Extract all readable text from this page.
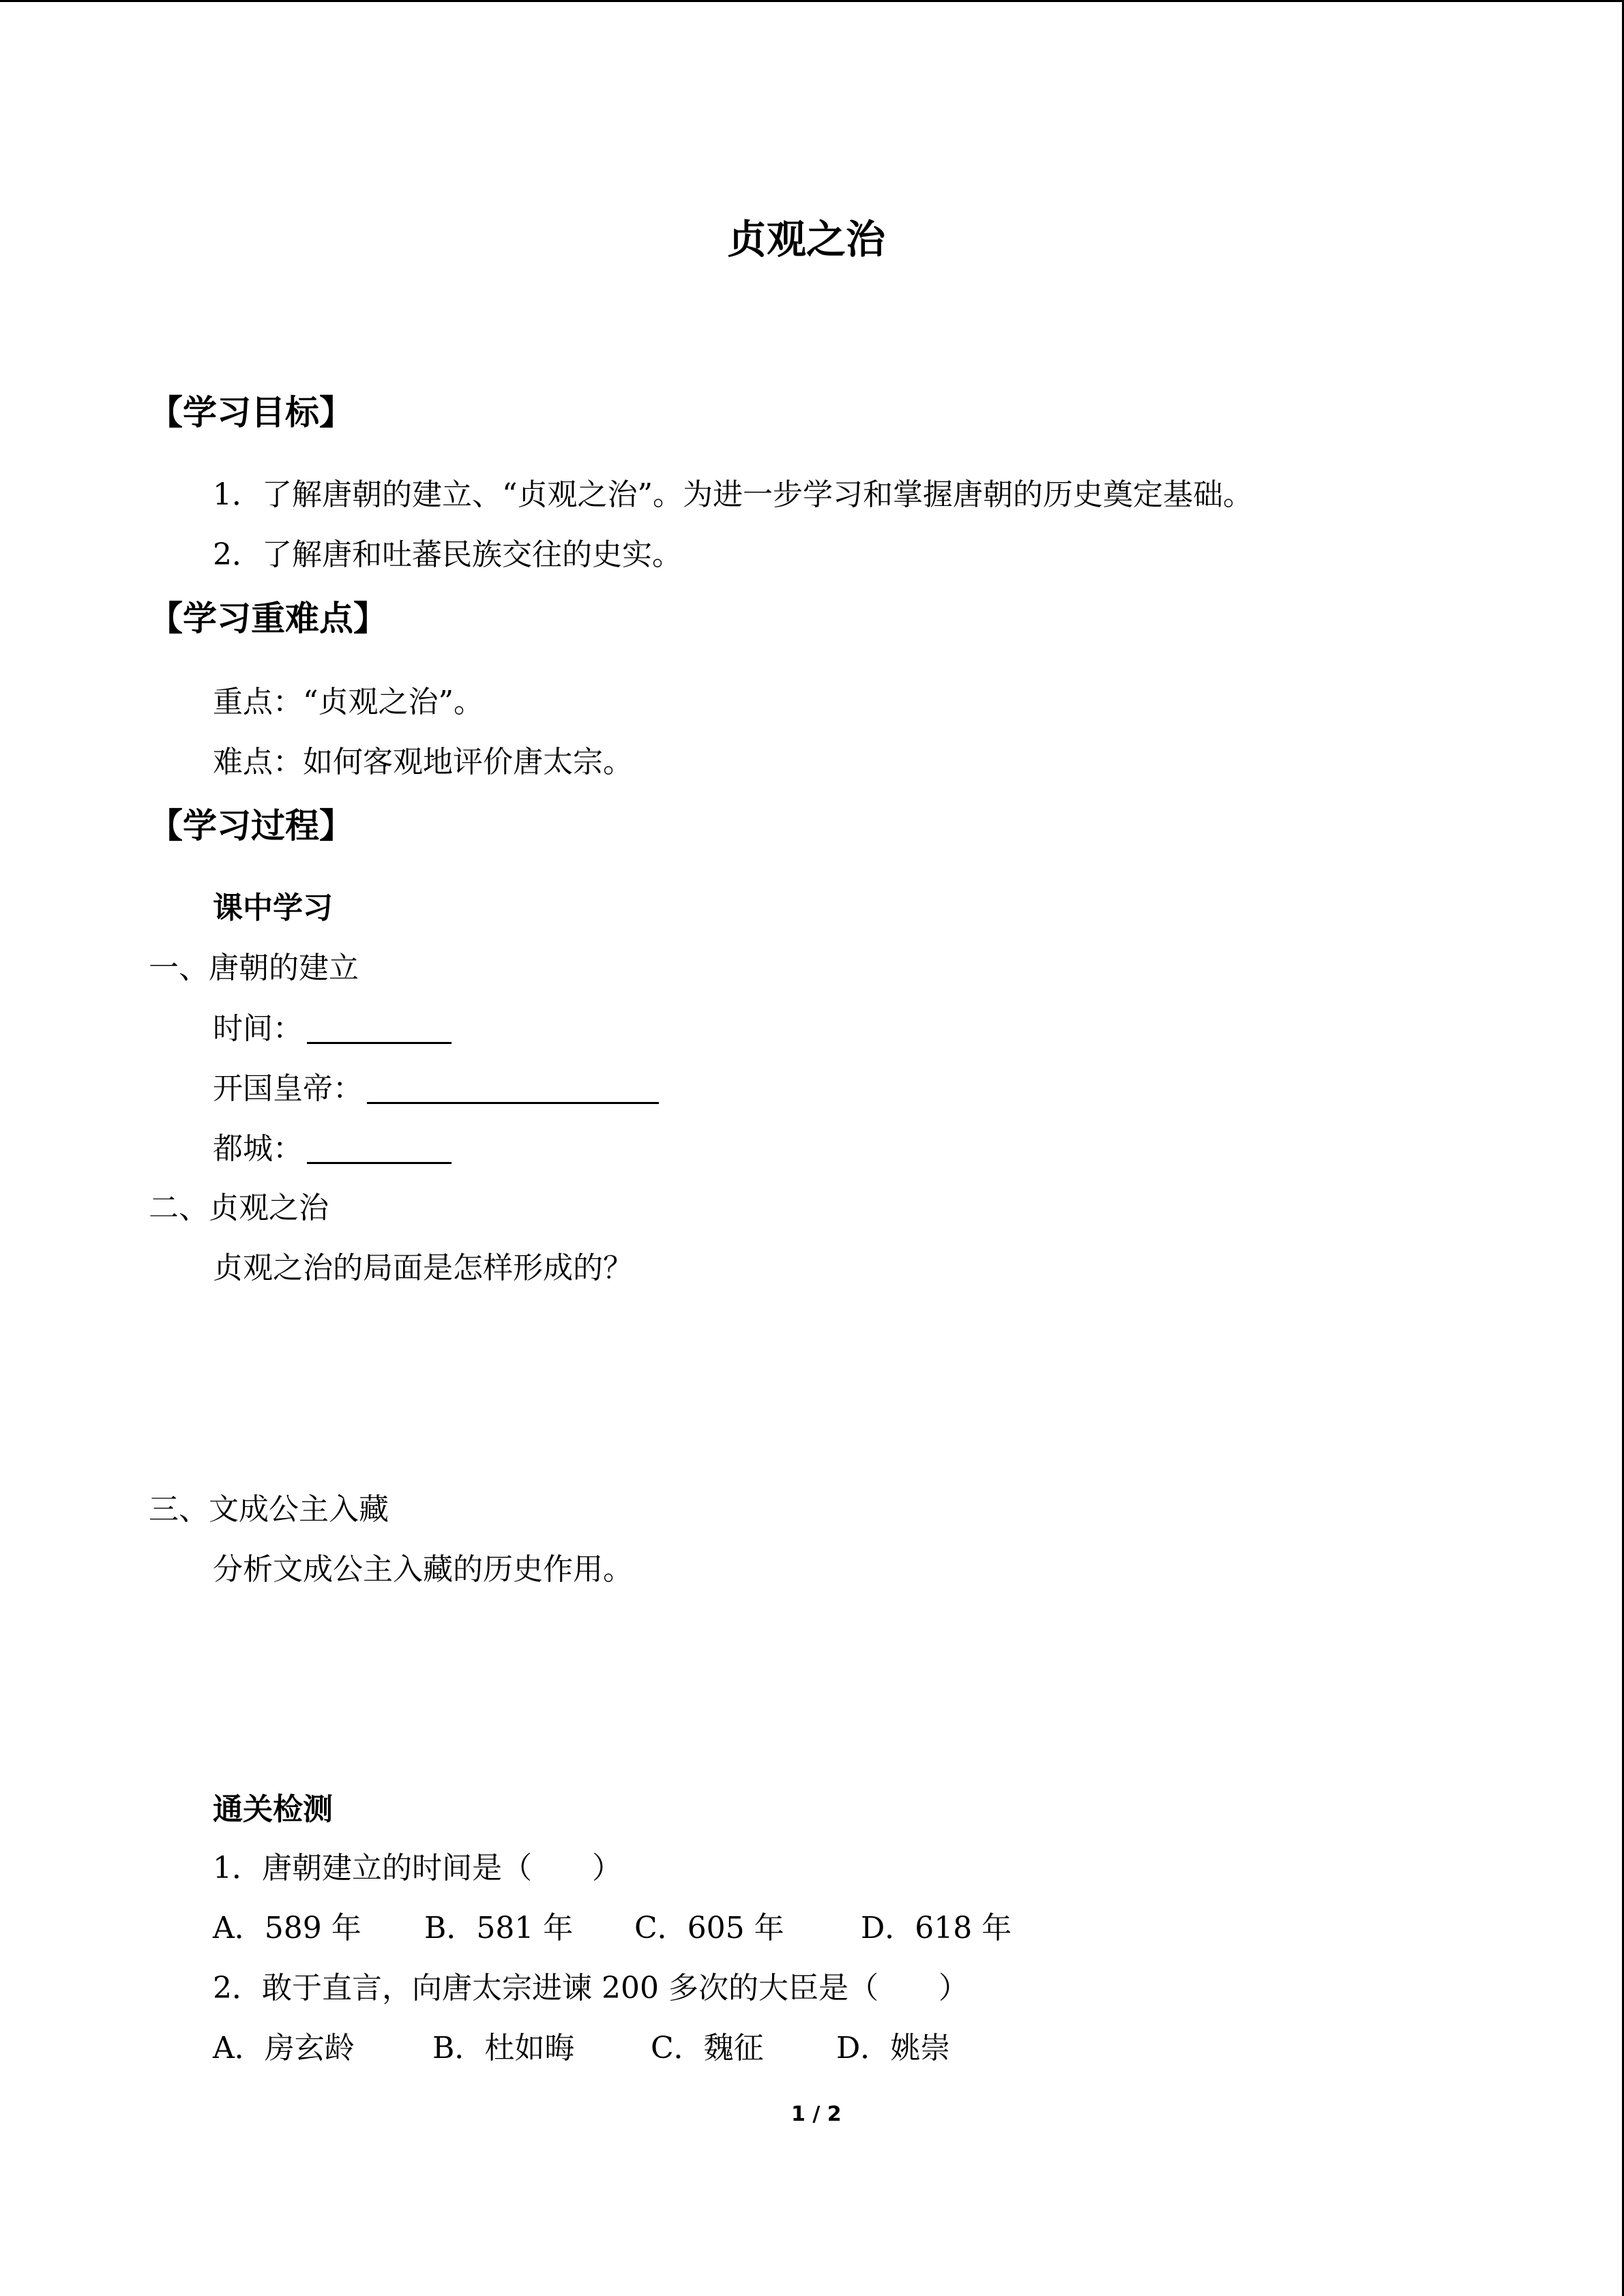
贞观之治
【学习目标】
1．了解唐朝的建立、“贞观之治”。为进一步学习和掌握唐朝的历史奠定基础。
2．了解唐和吐蕃民族交往的史实。
【学习重难点】
重点：“贞观之治”。
难点：如何客观地评价唐太宗。
【学习过程】
课中学习
一、唐朝的建立
时间：
开国皇帝：
都城：
二、贞观之治
贞观之治的局面是怎样形成的？
三、文成公主入藏
分析文成公主入藏的历史作用。
通关检测
1．唐朝建立的时间是（　　）
A．589 年 B．581 年 C．605 年	D．618 年
2．敢于直言，向唐太宗进谏 200 多次的大臣是（　　）
A．房玄龄	B．杜如晦	C．魏征 D．姚崇
1 / 2
